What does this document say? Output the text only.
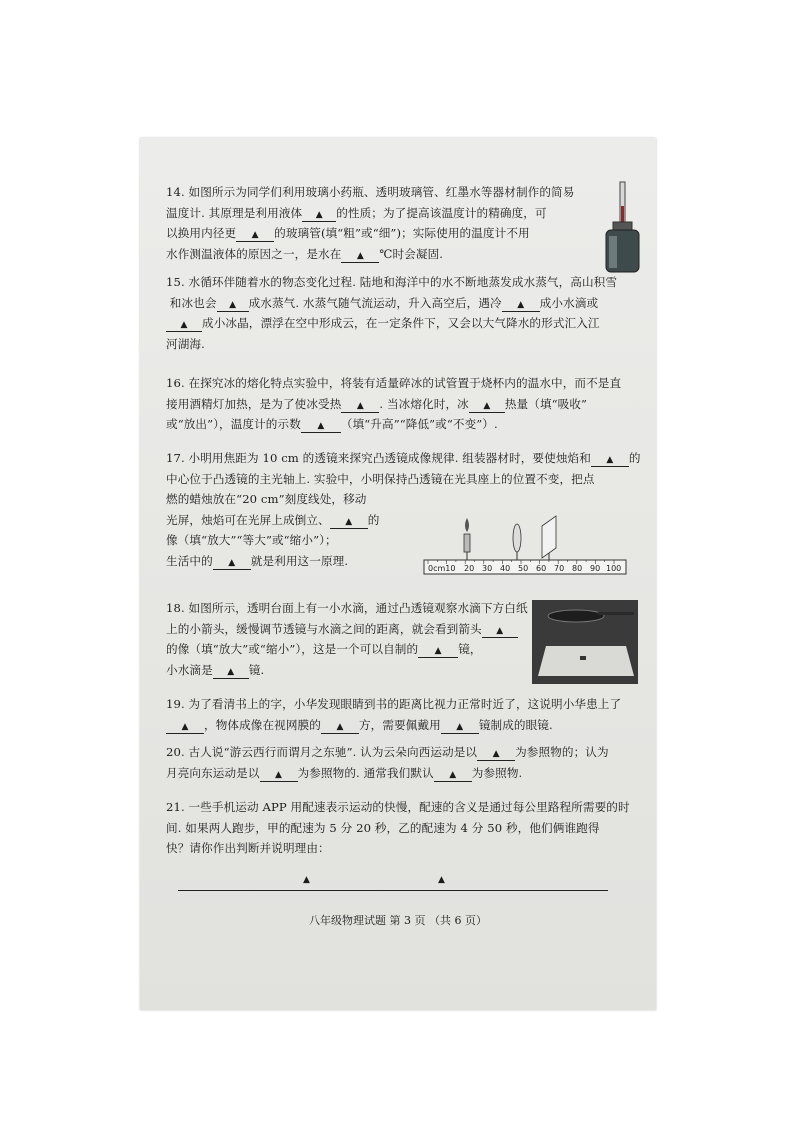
14. 如图所示为同学们利用玻璃小药瓶、透明玻璃管、红墨水等器材制作的简易

温度计. 其原理是利用液体 ▲ 的性质；为了提高该温度计的精确度，可

以换用内径更 ▲ 的玻璃管(填“粗”或“细”)；实际使用的温度计不用

水作测温液体的原因之一，是水在 ▲ ℃时会凝固.

15. 水循环伴随着水的物态变化过程. 陆地和海洋中的水不断地蒸发成水蒸气，高山积雪

和冰也会 ▲ 成水蒸气. 水蒸气随气流运动，升入高空后，遇冷 ▲ 成小水滴或

▲ 成小冰晶，漂浮在空中形成云，在一定条件下，又会以大气降水的形式汇入江

河湖海.

16. 在探究冰的熔化特点实验中，将装有适量碎冰的试管置于烧杯内的温水中，而不是直

接用酒精灯加热，是为了使冰受热 ▲ . 当冰熔化时，冰 ▲ 热量（填“吸收”

或“放出”），温度计的示数 ▲ （填“升高”“降低”或“不变”）.

17. 小明用焦距为 10 cm 的透镜来探究凸透镜成像规律. 组装器材时，要使烛焰和 ▲ 的

中心位于凸透镜的主光轴上. 实验中，小明保持凸透镜在光具座上的位置不变，把点

燃的蜡烛放在“20 cm”刻度线处，移动

光屏，烛焰可在光屏上成倒立、 ▲ 的

像（填“放大”“等大”或“缩小”）；

生活中的 ▲ 就是利用这一原理.

0cm10 20 30 40 50 60 70 80 90 100

18. 如图所示，透明台面上有一小水滴，通过凸透镜观察水滴下方白纸

上的小箭头，缓慢调节透镜与水滴之间的距离，就会看到箭头 ▲

的像（填“放大”或“缩小”），这是一个可以自制的 ▲ 镜，

小水滴是 ▲ 镜.

19. 为了看清书上的字，小华发现眼睛到书的距离比视力正常时近了，这说明小华患上了

▲ ，物体成像在视网膜的 ▲ 方，需要佩戴用 ▲ 镜制成的眼镜.

20. 古人说“游云西行而谓月之东驰”. 认为云朵向西运动是以 ▲ 为参照物的；认为

月亮向东运动是以 ▲ 为参照物的. 通常我们默认 ▲ 为参照物.

21. 一些手机运动 APP 用配速表示运动的快慢，配速的含义是通过每公里路程所需要的时

间. 如果两人跑步，甲的配速为 5 分 20 秒，乙的配速为 4 分 50 秒，他们俩谁跑得

快？请你作出判断并说明理由：

▲	▲
八年级物理试题 第 3 页 （共 6 页）
